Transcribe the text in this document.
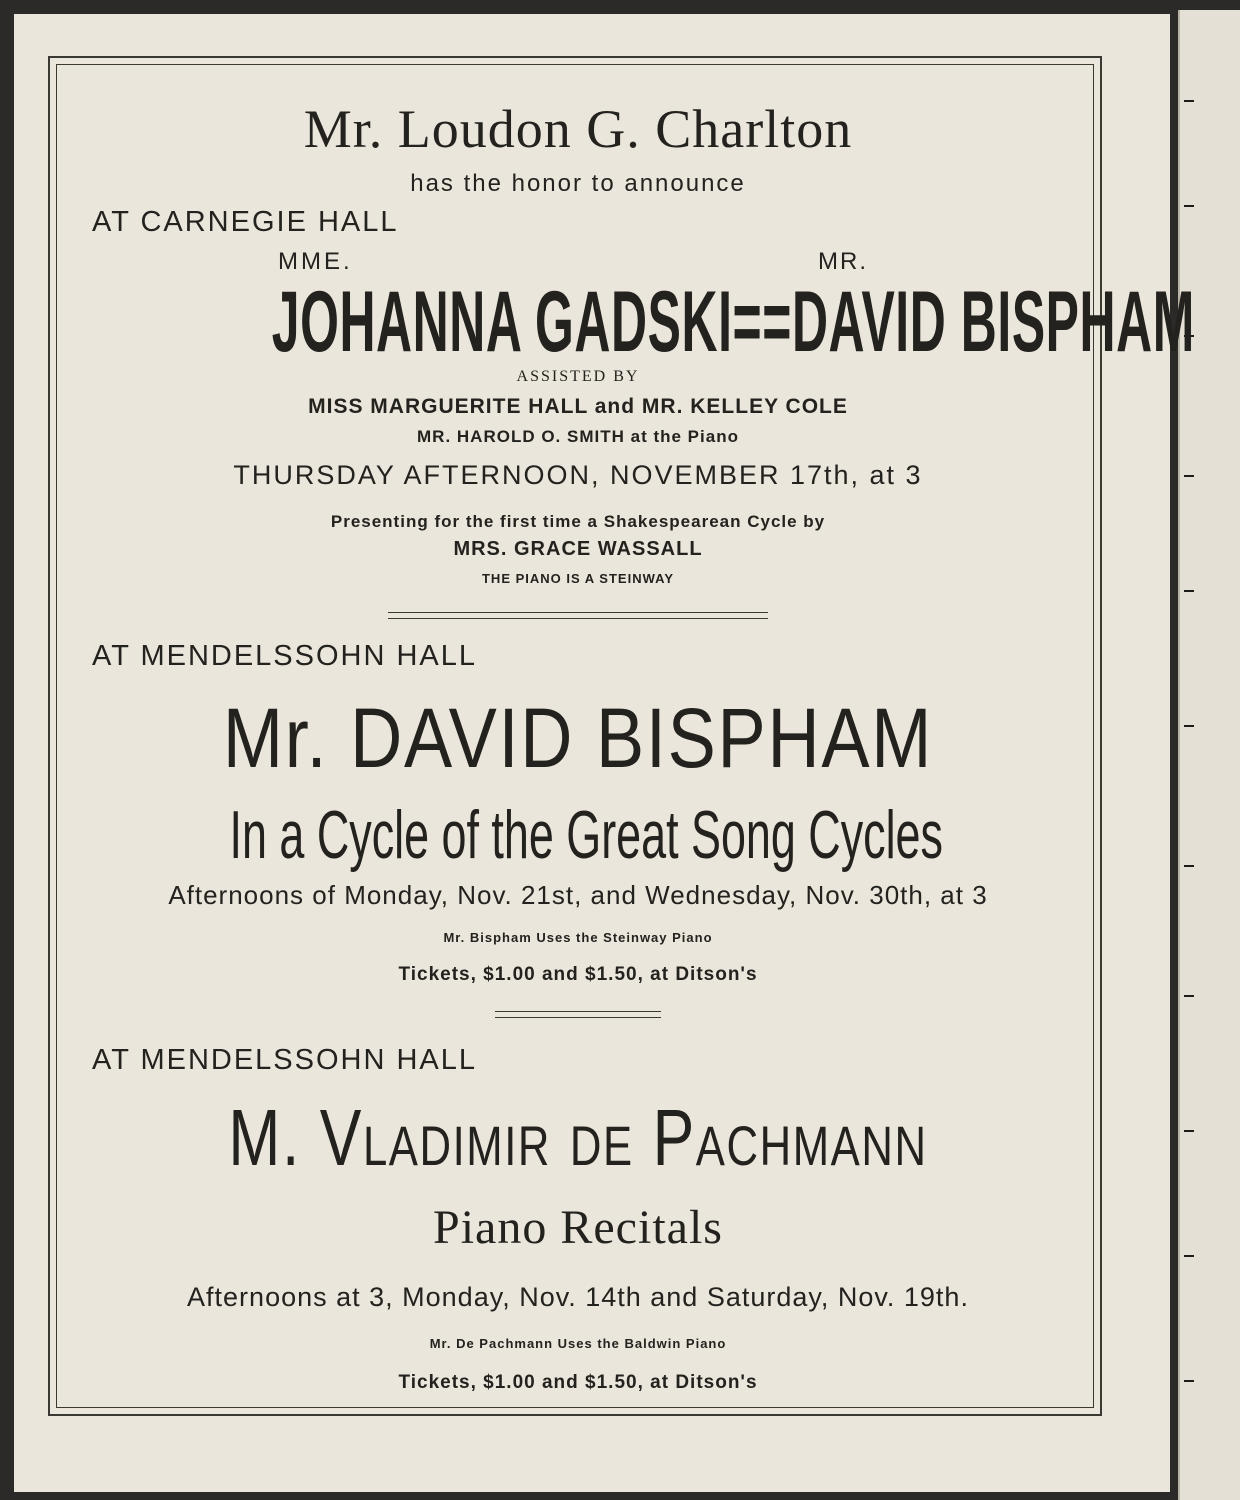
Mr. Loudon G. Charlton
has the honor to announce
AT CARNEGIE HALL
MME.	MR.
JOHANNA GADSKI==DAVID BISPHAM
ASSISTED BY
MISS MARGUERITE HALL and MR. KELLEY COLE
MR. HAROLD O. SMITH at the Piano
THURSDAY AFTERNOON, NOVEMBER 17th, at 3
Presenting for the first time a Shakespearean Cycle by
MRS. GRACE WASSALL
THE PIANO IS A STEINWAY
AT MENDELSSOHN HALL
Mr. DAVID BISPHAM
In a Cycle of the Great Song Cycles
Afternoons of Monday, Nov. 21st, and Wednesday, Nov. 30th, at 3
Mr. Bispham Uses the Steinway Piano
Tickets, $1.00 and $1.50, at Ditson's
AT MENDELSSOHN HALL
M. Vladimir de Pachmann
Piano Recitals
Afternoons at 3, Monday, Nov. 14th and Saturday, Nov. 19th.
Mr. De Pachmann Uses the Baldwin Piano
Tickets, $1.00 and $1.50, at Ditson's
